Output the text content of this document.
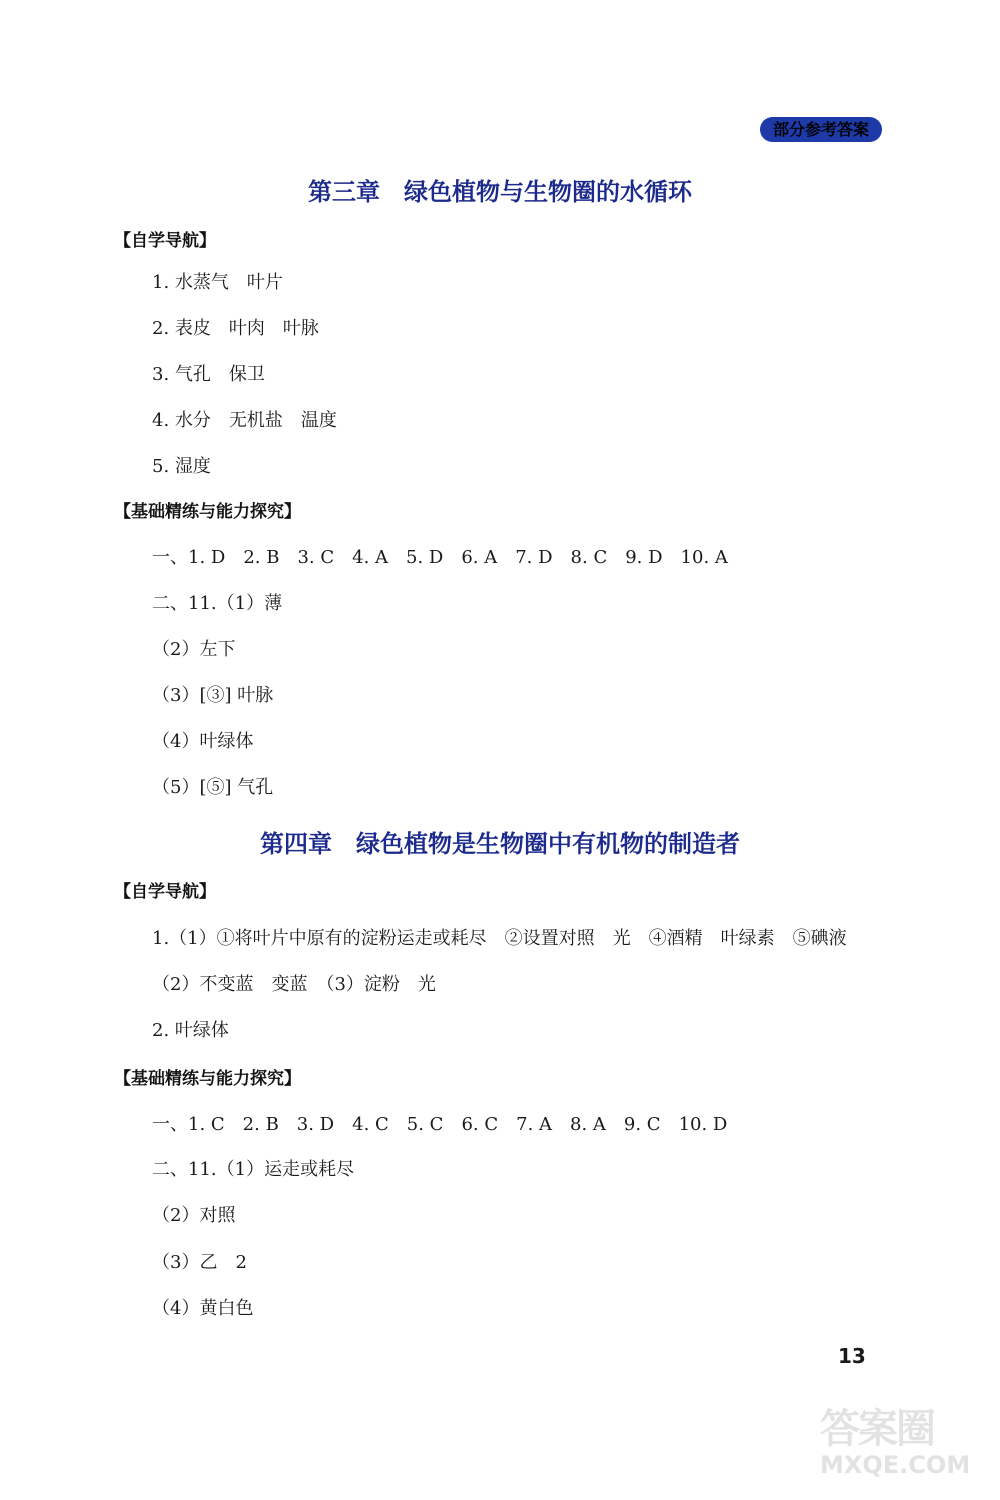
部分参考答案
第三章　绿色植物与生物圈的水循环
【自学导航】
1. 水蒸气　叶片
2. 表皮　叶肉　叶脉
3. 气孔　保卫
4. 水分　无机盐　温度
5. 湿度
【基础精练与能力探究】
一、1. D　2. B　3. C　4. A　5. D　6. A　7. D　8. C　9. D　10. A
二、11.（1）薄
（2）左下
（3）[③] 叶脉
（4）叶绿体
（5）[⑤] 气孔
第四章　绿色植物是生物圈中有机物的制造者
【自学导航】
1.（1）①将叶片中原有的淀粉运走或耗尽　②设置对照　光　④酒精　叶绿素　⑤碘液
（2）不变蓝　变蓝　（3）淀粉　光
2. 叶绿体
【基础精练与能力探究】
一、1. C　2. B　3. D　4. C　5. C　6. C　7. A　8. A　9. C　10. D
二、11.（1）运走或耗尽
（2）对照
（3）乙　2
（4）黄白色
13
答案圈
MXQE.COM
